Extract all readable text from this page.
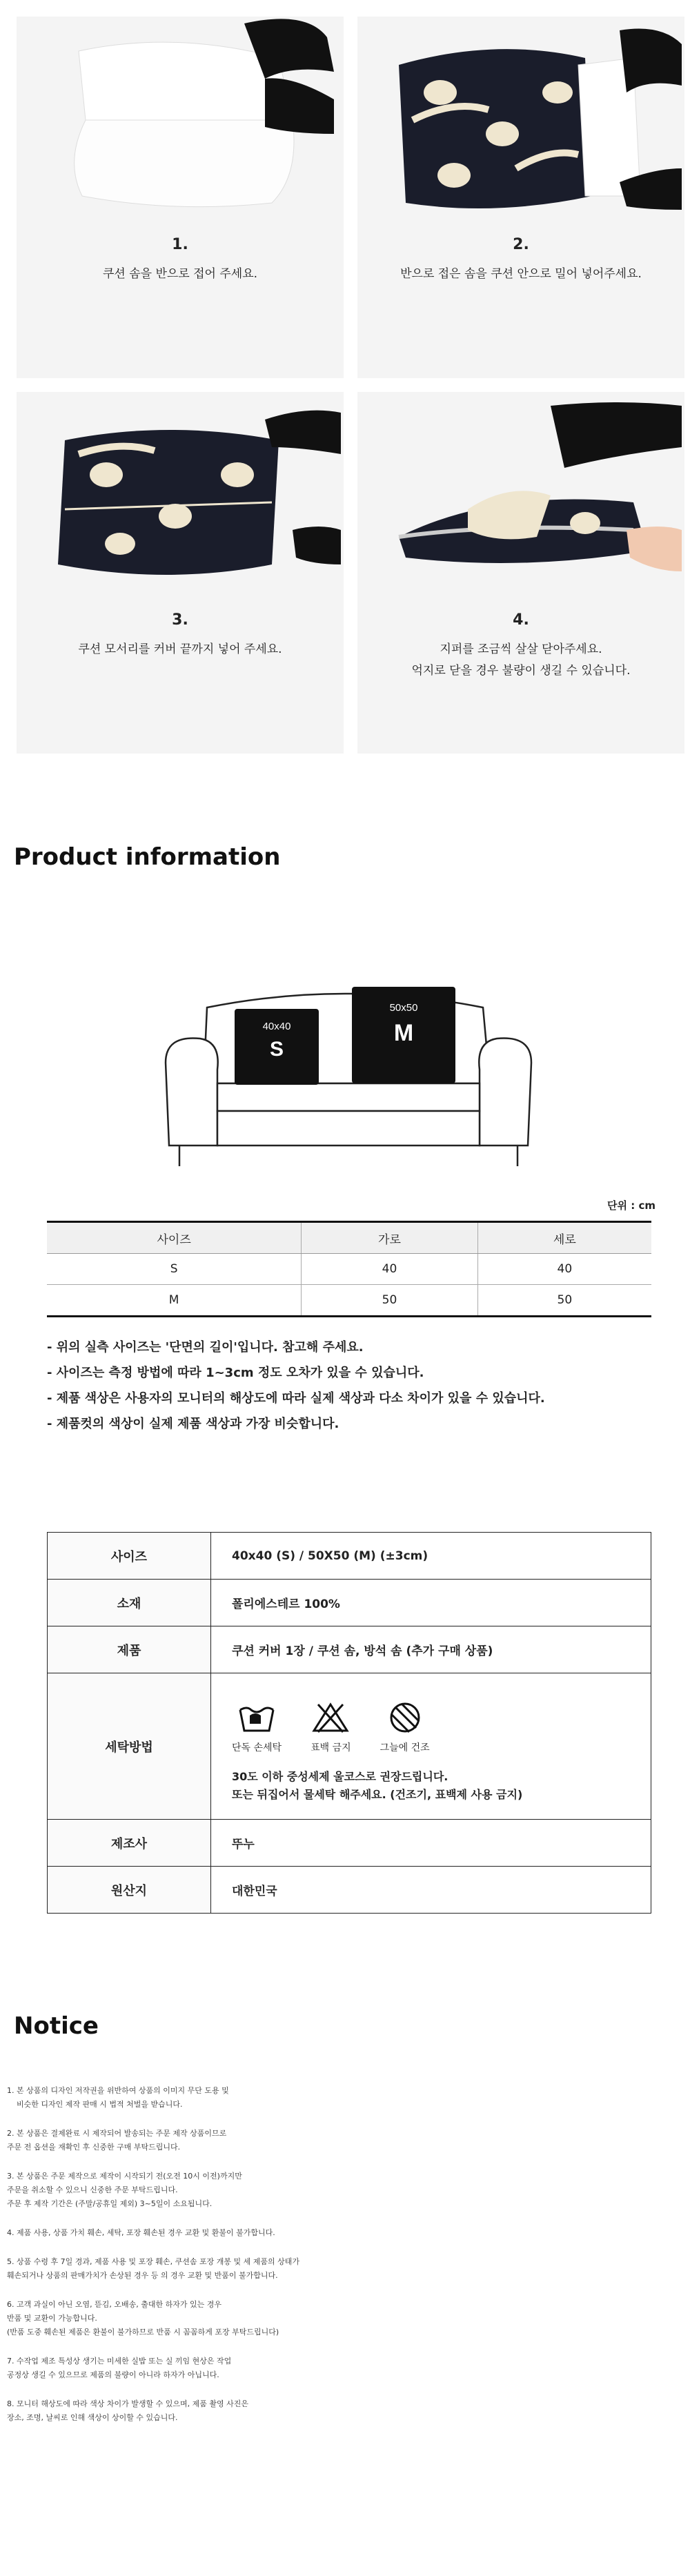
1.
쿠션 솜을 반으로 접어 주세요.
2.
반으로 접은 솜을 쿠션 안으로 밀어 넣어주세요.
3.
쿠션 모서리를 커버 끝까지 넣어 주세요.
4.
지퍼를 조금씩 살살 닫아주세요.
억지로 닫을 경우 불량이 생길 수 있습니다.
Product information
40x40
S
50x50
M
단위 : cm
사이즈	가로	세로
S	40	40
M	50	50
- 위의 실측 사이즈는 '단면의 길이'입니다. 참고해 주세요.
- 사이즈는 측정 방법에 따라 1~3cm 정도 오차가 있을 수 있습니다.
- 제품 색상은 사용자의 모니터의 해상도에 따라 실제 색상과 다소 차이가 있을 수 있습니다.
- 제품컷의 색상이 실제 제품 색상과 가장 비슷합니다.
사이즈	40x40 (S) / 50X50 (M) (±3cm)
소재	폴리에스테르 100%
제품	쿠션 커버 1장 / 쿠션 솜, 방석 솜 (추가 구매 상품)
세탁방법	단독 손세탁 표백 금지 그늘에 건조
30도 이하 중성세제 울코스로 권장드립니다.
또는 뒤집어서 물세탁 해주세요. (건조기, 표백제 사용 금지)

제조사	뚜누
원산지	대한민국
Notice

1. 본 상품의 디자인 저작권을 위반하여 상품의 이미지 무단 도용 및
비슷한 디자인 제작 판매 시 법적 처벌을 받습니다.

2. 본 상품은 결제완료 시 제작되어 발송되는 주문 제작 상품이므로
주문 전 옵션을 재확인 후 신중한 구매 부탁드립니다.

3. 본 상품은 주문 제작으로 제작이 시작되기 전(오전 10시 이전)까지만
주문을 취소할 수 있으니 신중한 주문 부탁드립니다.
주문 후 제작 기간은 (주말/공휴일 제외) 3~5일이 소요됩니다.

4. 제품 사용, 상품 가치 훼손, 세탁, 포장 훼손된 경우 교환 및 환불이 불가합니다.

5. 상품 수령 후 7일 경과, 제품 사용 및 포장 훼손, 쿠션솜 포장 개봉 및 세 제품의 상태가
훼손되거나 상품의 판매가치가 손상된 경우 등 의 경우 교환 및 반품이 불가합니다.

6. 고객 과실이 아닌 오염, 뜯김, 오배송, 출대한 하자가 있는 경우
반품 및 교환이 가능합니다.
(반품 도중 훼손된 제품은 환불이 불가하므로 반품 시 꼼꼼하게 포장 부탁드립니다)

7. 수작업 제조 특성상 생기는 미세한 실밥 또는 실 끼임 현상은 작업
공정상 생길 수 있으므로 제품의 불량이 아니라 하자가 아닙니다.

8. 모니터 해상도에 따라 색상 차이가 발생할 수 있으며, 제품 촬영 사진은
장소, 조명, 날씨로 인해 색상이 상이할 수 있습니다.
